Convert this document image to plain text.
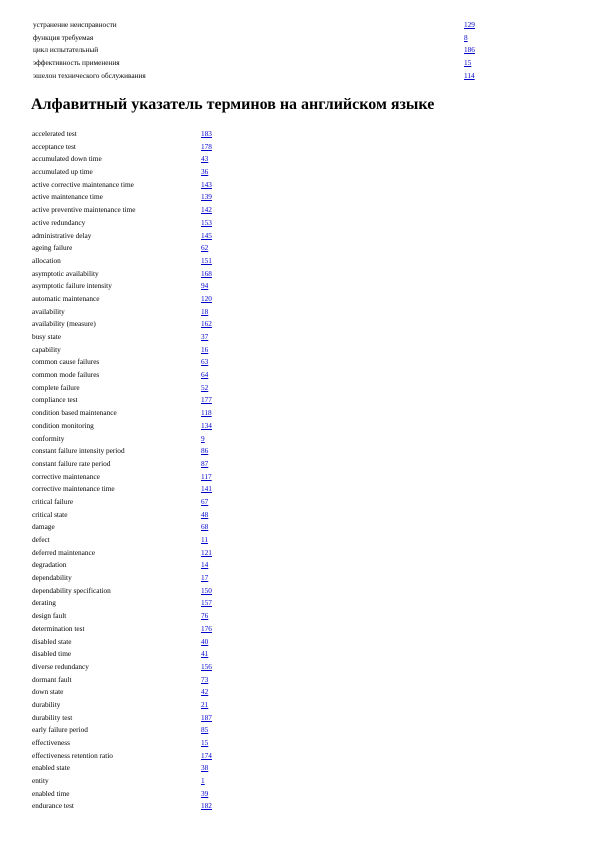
устранение неисправности	129
функция требуемая	8
цикл испытательный	186
эффективность применения	15
эшелон технического обслуживания	114
Алфавитный указатель терминов на английском языке
accelerated test	183
acceptance test	178
accumulated down time	43
accumulated up time	36
active corrective maintenance time	143
active maintenance time	139
active preventive maintenance time	142
active redundancy	153
administrative delay	145
ageing failure	62
allocation	151
asymptotic availability	168
asymptotic failure intensity	94
automatic maintenance	120
availability	18
availability (measure)	162
busy state	37
capability	16
common cause failures	63
common mode failures	64
complete failure	52
compliance test	177
condition based maintenance	118
condition monitoring	134
conformity	9
constant failure intensity period	86
constant failure rate period	87
corrective maintenance	117
corrective maintenance time	141
critical failure	67
critical state	48
damage	68
defect	11
deferred maintenance	121
degradation	14
dependability	17
dependability specification	150
derating	157
design fault	76
determination test	176
disabled state	40
disabled time	41
diverse redundancy	156
dormant fault	73
down state	42
durability	21
durability test	187
early failure period	85
effectiveness	15
effectiveness retention ratio	174
enabled state	38
entity	1
enabled time	39
endurance test	182
